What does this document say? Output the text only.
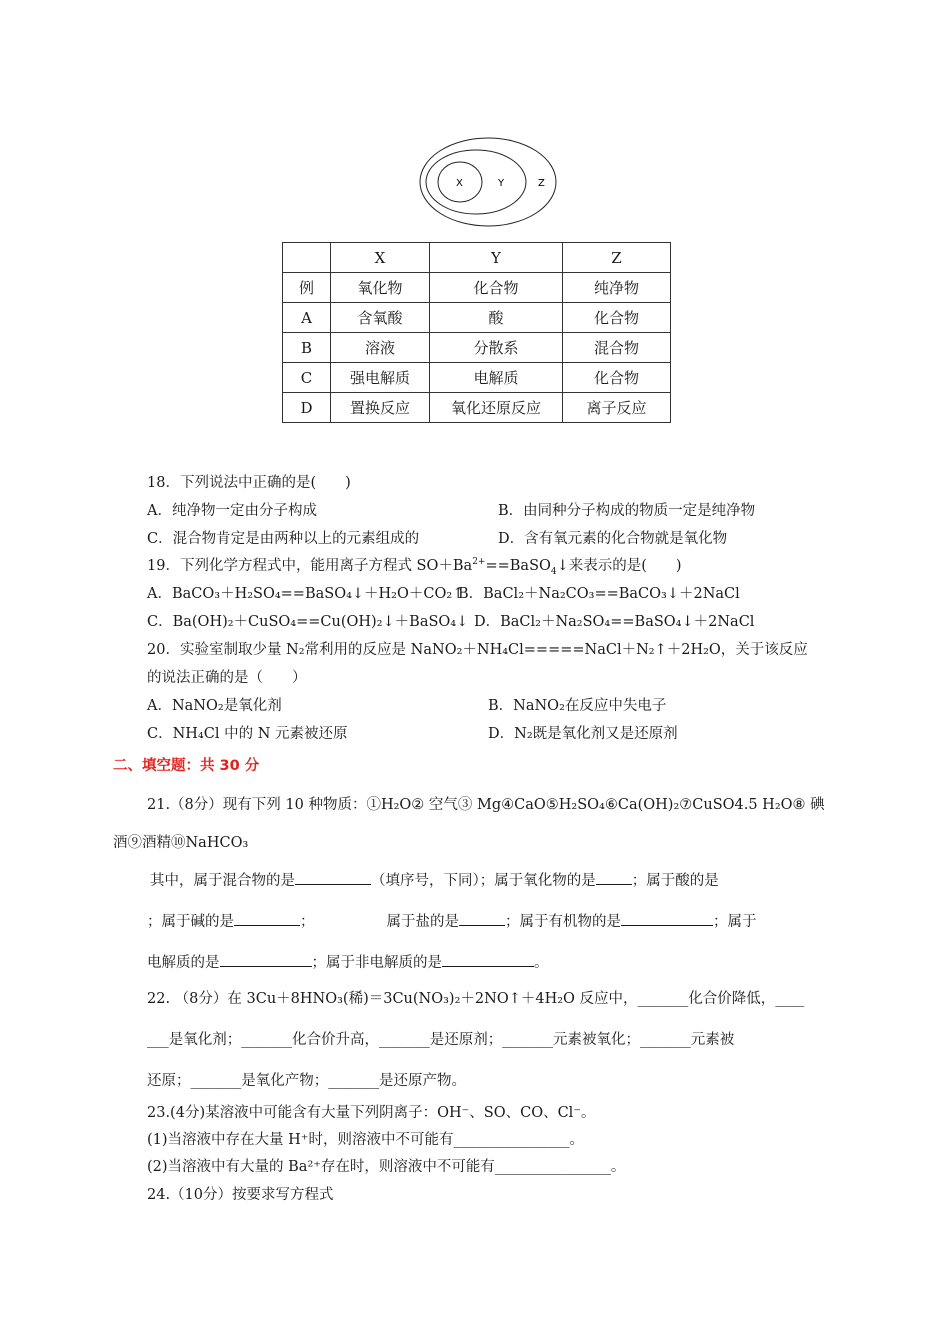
X	Y	Z
	X	Y	Z
例	氧化物	化合物	纯净物
A	含氧酸	酸	化合物
B	溶液	分散系	混合物
C	强电解质	电解质	化合物
D	置换反应	氧化还原反应	离子反应
18．下列说法中正确的是(　　)
A．纯净物一定由分子构成	B．由同种分子构成的物质一定是纯净物
C．混合物肯定是由两种以上的元素组成的	D．含有氧元素的化合物就是氧化物
19．下列化学方程式中，能用离子方程式 $SO+Ba^{2+}==BaSO_4↓$来表示的是(　　)
A．BaCO₃＋H₂SO₄==BaSO₄↓＋H₂O＋CO₂↑
B．BaCl₂＋Na₂CO₃==BaCO₃↓＋2NaCl
C．Ba(OH)₂＋CuSO₄==Cu(OH)₂↓＋BaSO₄↓ D．BaCl₂＋Na₂SO₄==BaSO₄↓＋2NaCl
20．实验室制取少量 N₂常利用的反应是 NaNO₂＋NH₄Cl=====NaCl＋N₂↑＋2H₂O，关于该反应
的说法正确的是（　　）
A．NaNO₂是氧化剂	B．NaNO₂在反应中失电子
C．NH₄Cl 中的 N 元素被还原	D．N₂既是氧化剂又是还原剂
二、填空题：共 30 分
21.（8分）现有下列 10 种物质：①H₂O② 空气③ Mg④CaO⑤H₂SO₄⑥Ca(OH)₂⑦CuSO4.5 H₂O⑧ 碘
酒⑨酒精⑩NaHCO₃
其中，属于混合物的是	（填序号，下同）；属于氧化物的是 ；属于酸的是
；属于碱的是	；	属于盐的是	；属于有机物的是	；属于
电解质的是	；属于非电解质的是	。
22. （8分）在 3Cu＋8HNO₃(稀)＝3Cu(NO₃)₂＋2NO↑＋4H₂O 反应中，_______化合价降低，____
___是氧化剂；_______化合价升高，_______是还原剂；_______元素被氧化；_______元素被
还原；_______是氧化产物；_______是还原产物。
23.(4分)某溶液中可能含有大量下列阴离子：OH⁻、SO、CO、Cl⁻。
(1)当溶液中存在大量 H⁺时，则溶液中不可能有________________。
(2)当溶液中有大量的 Ba²⁺存在时，则溶液中不可能有________________。
24.（10分）按要求写方程式
